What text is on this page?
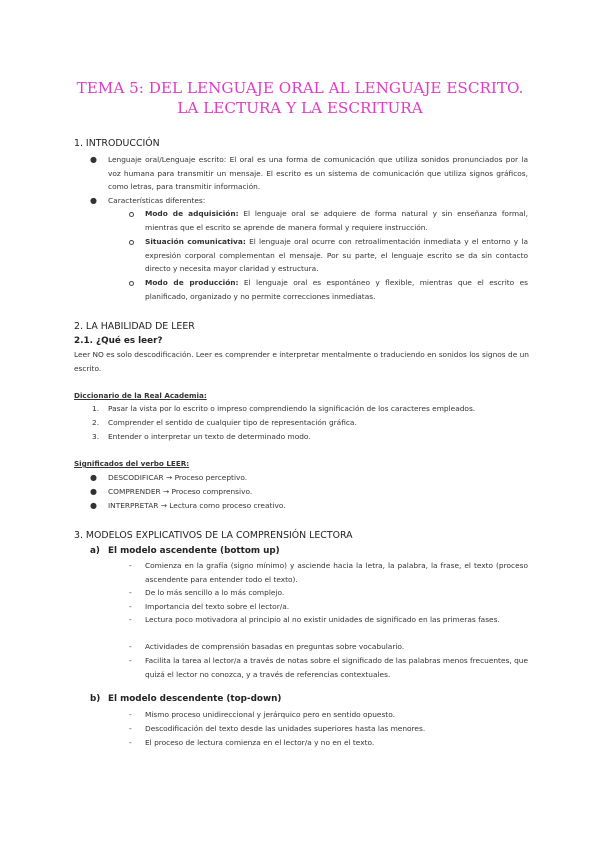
TEMA 5: DEL LENGUAJE ORAL AL LENGUAJE ESCRITO.
LA LECTURA Y LA ESCRITURA
1. INTRODUCCIÓN
● Lenguaje oral/Lenguaje escrito: El oral es una forma de comunicación que utiliza sonidos pronunciados por la voz humana para transmitir un mensaje. El escrito es un sistema de comunicación que utiliza signos gráficos, como letras, para transmitir información.
● Características diferentes:
Modo de adquisición: El lenguaje oral se adquiere de forma natural y sin enseñanza formal, mientras que el escrito se aprende de manera formal y requiere instrucción.
Situación comunicativa: El lenguaje oral ocurre con retroalimentación inmediata y el entorno y la expresión corporal complementan el mensaje. Por su parte, el lenguaje escrito se da sin contacto directo y necesita mayor claridad y estructura.
Modo de producción: El lenguaje oral es espontáneo y flexible, mientras que el escrito es planificado, organizado y no permite correcciones inmediatas.
2. LA HABILIDAD DE LEER
2.1. ¿Qué es leer?
Leer NO es solo descodificación. Leer es comprender e interpretar mentalmente o traduciendo en sonidos los signos de un escrito.
Diccionario de la Real Academia:
1. Pasar la vista por lo escrito o impreso comprendiendo la significación de los caracteres empleados.
2. Comprender el sentido de cualquier tipo de representación gráfica.
3. Entender o interpretar un texto de determinado modo.
Significados del verbo LEER:
● DESCODIFICAR → Proceso perceptivo.
● COMPRENDER → Proceso comprensivo.
● INTERPRETAR → Lectura como proceso creativo.
3. MODELOS EXPLICATIVOS DE LA COMPRENSIÓN LECTORA
a) El modelo ascendente (bottom up)
- Comienza en la grafía (signo mínimo) y asciende hacia la letra, la palabra, la frase, el texto (proceso ascendente para entender todo el texto).
- De lo más sencillo a lo más complejo.
- Importancia del texto sobre el lector/a.
- Lectura poco motivadora al principio al no existir unidades de significado en las primeras fases.
- Actividades de comprensión basadas en preguntas sobre vocabulario.
- Facilita la tarea al lector/a a través de notas sobre el significado de las palabras menos frecuentes, que quizá el lector no conozca, y a través de referencias contextuales.
b) El modelo descendente (top-down)
- Mismo proceso unidireccional y jerárquico pero en sentido opuesto.
- Descodificación del texto desde las unidades superiores hasta las menores.
- El proceso de lectura comienza en el lector/a y no en el texto.
